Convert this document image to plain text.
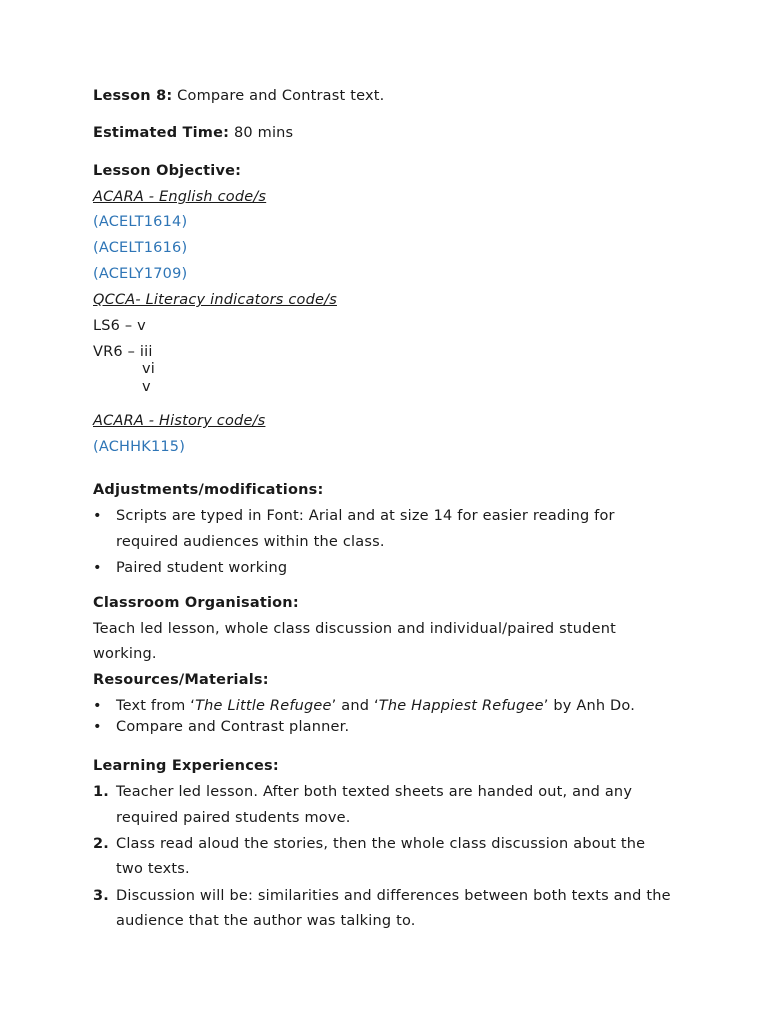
Lesson 8: Compare and Contrast text.
Estimated Time: 80 mins
Lesson Objective:
ACARA - English code/s
(ACELT1614)
(ACELT1616)
(ACELY1709)
QCCA- Literacy indicators code/s
LS6 – v
VR6 – iii
vi
v
ACARA - History code/s
(ACHHK115)
Adjustments/modifications:
• Scripts are typed in Font: Arial and at size 14 for easier reading for
required audiences within the class.
• Paired student working
Classroom Organisation:
Teach led lesson, whole class discussion and individual/paired student
working.
Resources/Materials:
• Text from ‘The Little Refugee’ and ‘The Happiest Refugee’ by Anh Do.
• Compare and Contrast planner.
Learning Experiences:
1. Teacher led lesson. After both texted sheets are handed out, and any
required paired students move.
2. Class read aloud the stories, then the whole class discussion about the
two texts.
3. Discussion will be: similarities and differences between both texts and the
audience that the author was talking to.
